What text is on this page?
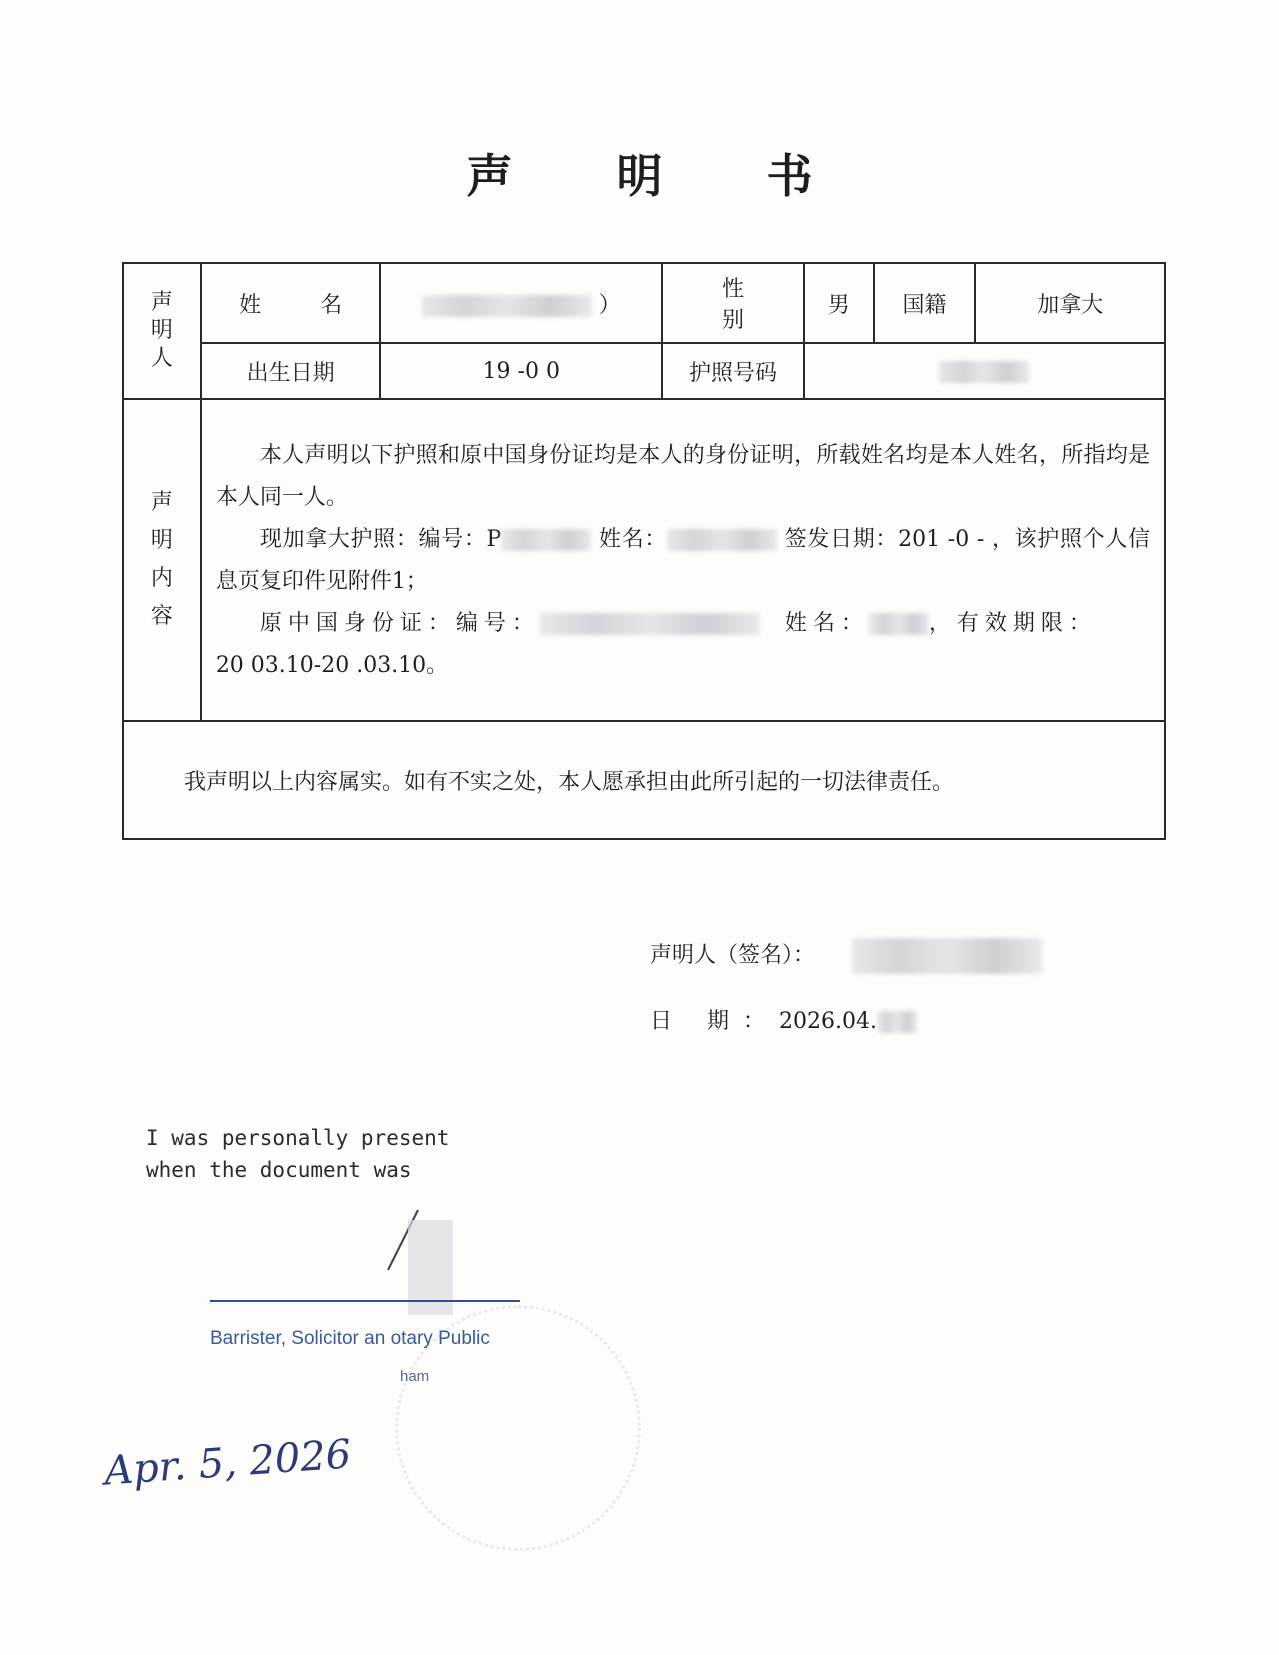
声 明 书
声明人	姓 名	）	性 别	男	国籍	加拿大
	出生日期	19 -0 0	护照号码			
声明内容	本人声明以下护照和原中国身份证均是本人的身份证明，所载姓名均是本人姓名，所指均是本人同一人。

现加拿大护照：编号：P 姓名： 签发日期：201 -0 - ，该护照个人信息页复印件见附件1；

原中国身份证：编号： 姓名： ，有效期限：

20 03.10-20 .03.10。					

我声明以上内容属实。如有不实之处，本人愿承担由此所引起的一切法律责任。						
声明人（签名）：
日 期：2026.04.
I was personally present
when the document was
Barrister, Solicitor an otary Public
ham
Apr. 5, 2026
